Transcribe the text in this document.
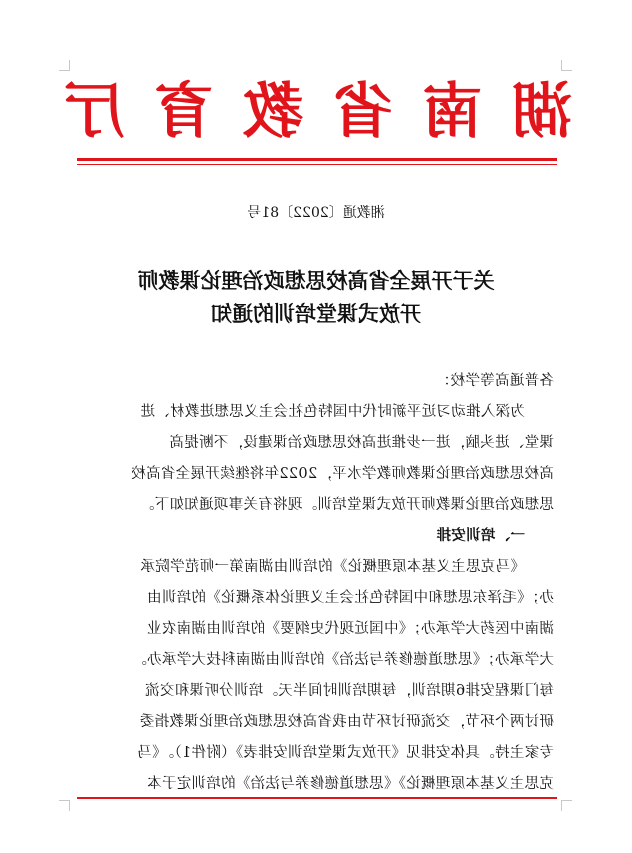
湖
南
省
教
育
厅
湘教通〔2022〕81号
关于开展全省高校思想政治理论课教师
开放式课堂培训的通知

各普通高等学校：

为深入推动习近平新时代中国特色社会主义思想进教材、进

课堂、进头脑，进一步推进高校思想政治课建设，不断提高

高校思想政治理论课教师教学水平，2022年将继续开展全省高校

思想政治理论课教师开放式课堂培训。现将有关事项通知如下。

一、培训安排

《马克思主义基本原理概论》的培训由湖南第一师范学院承

办；《毛泽东思想和中国特色社会主义理论体系概论》的培训由

湖南中医药大学承办；《中国近现代史纲要》的培训由湖南农业

大学承办；《思想道德修养与法治》的培训由湖南科技大学承办。

每门课程安排6期培训，每期培训时间半天。培训分听课和交流

研讨两个环节，交流研讨环节由我省高校思想政治理论课教指委

专家主持。具体安排见《开放式课堂培训安排表》（附件1）。《马

克思主义基本原理概论》《思想道德修养与法治》的培训定于本
